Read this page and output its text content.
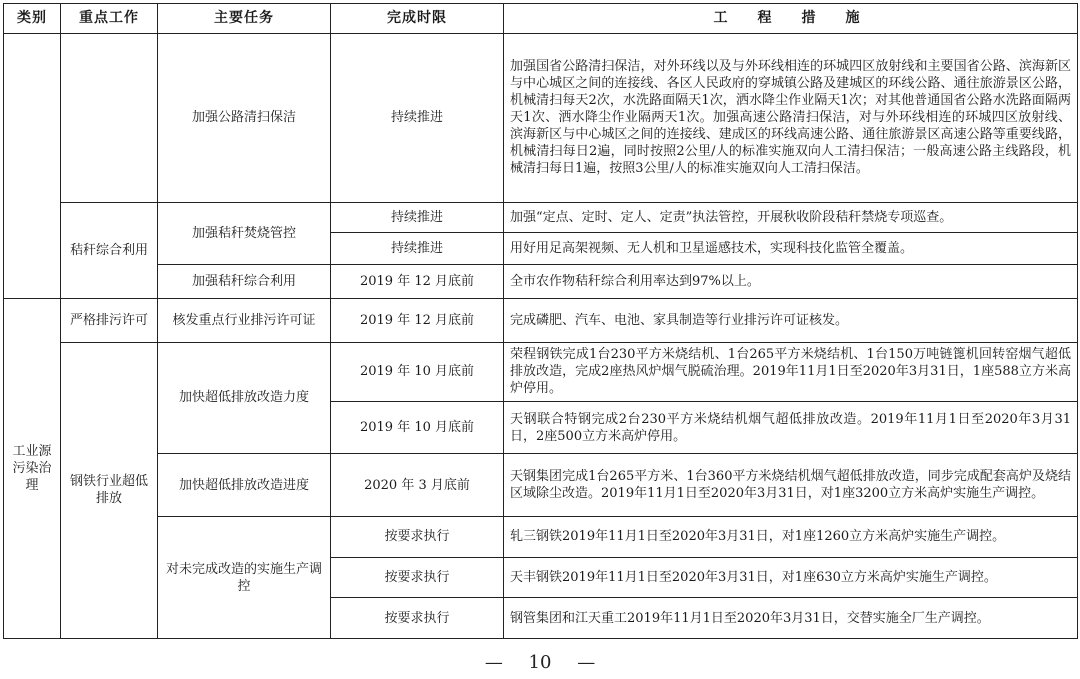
类别	重点工作	主要任务	完成时限	工　程　措　施
		加强公路清扫保洁	持续推进	加强国省公路清扫保洁，对外环线以及与外环线相连的环城四区放射线和主要国省公路、滨海新区与中心城区之间的连接线、各区人民政府的穿城镇公路及建城区的环线公路、通往旅游景区公路，机械清扫每天2次，水洗路面隔天1次，洒水降尘作业隔天1次；对其他普通国省公路水洗路面隔两天1次、洒水降尘作业隔两天1次。加强高速公路清扫保洁，对与外环线相连的环城四区放射线、滨海新区与中心城区之间的连接线、建成区的环线高速公路、通往旅游景区高速公路等重要线路，机械清扫每日2遍，同时按照2公里/人的标准实施双向人工清扫保洁；一般高速公路主线路段，机械清扫每日1遍，按照3公里/人的标准实施双向人工清扫保洁。
	秸秆综合利用	加强秸秆焚烧管控	持续推进	加强“定点、定时、定人、定责”执法管控，开展秋收阶段秸秆禁烧专项巡查。
			持续推进	用好用足高架视频、无人机和卫星遥感技术，实现科技化监管全覆盖。
		加强秸秆综合利用	2019 年 12 月底前	全市农作物秸秆综合利用率达到97%以上。
工业源污染治理	严格排污许可	核发重点行业排污许可证	2019 年 12 月底前	完成磷肥、汽车、电池、家具制造等行业排污许可证核发。
	钢铁行业超低排放	加快超低排放改造力度	2019 年 10 月底前	荣程钢铁完成1台230平方米烧结机、1台265平方米烧结机、1台150万吨链篦机回转窑烟气超低排放改造，完成2座热风炉烟气脱硫治理。2019年11月1日至2020年3月31日，1座588立方米高炉停用。
			2019 年 10 月底前	天钢联合特钢完成2台230平方米烧结机烟气超低排放改造。2019年11月1日至2020年3月31日，2座500立方米高炉停用。
		加快超低排放改造进度	2020 年 3 月底前	天钢集团完成1台265平方米、1台360平方米烧结机烟气超低排放改造，同步完成配套高炉及烧结区域除尘改造。2019年11月1日至2020年3月31日，对1座3200立方米高炉实施生产调控。
		对未完成改造的实施生产调控	按要求执行	轧三钢铁2019年11月1日至2020年3月31日，对1座1260立方米高炉实施生产调控。
			按要求执行	天丰钢铁2019年11月1日至2020年3月31日，对1座630立方米高炉实施生产调控。
			按要求执行	钢管集团和江天重工2019年11月1日至2020年3月31日，交替实施全厂生产调控。
— 10 —
